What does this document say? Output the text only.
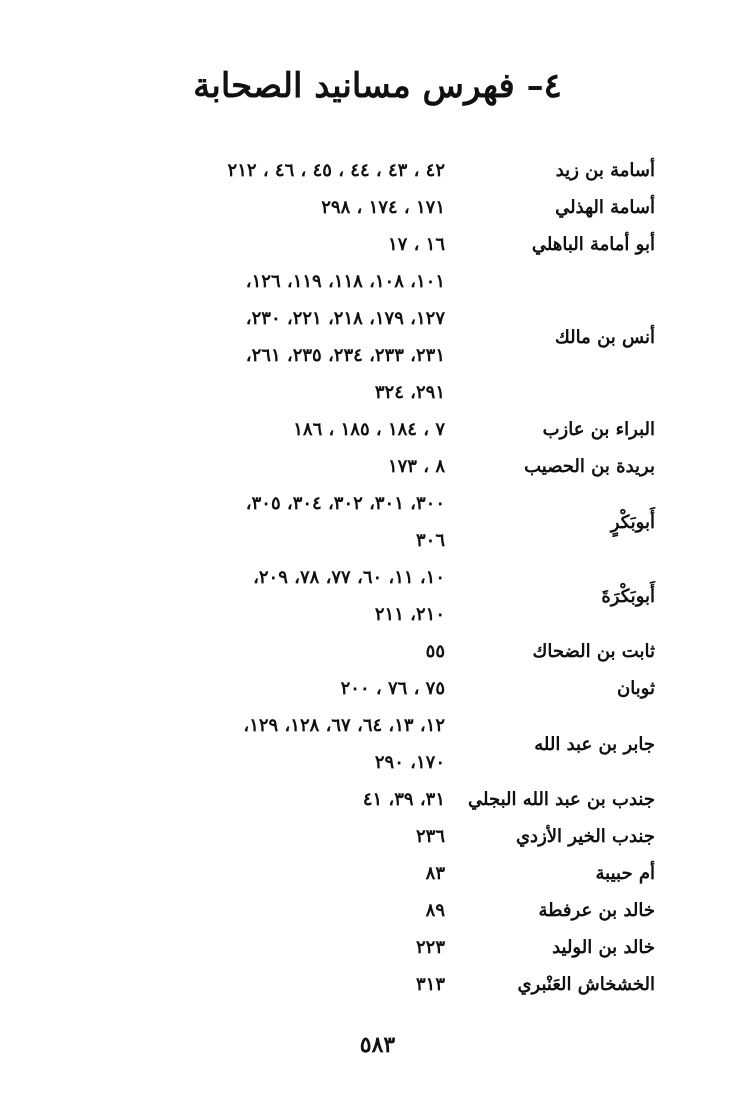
٤– فهرس مسانيد الصحابة
أسامة بن زيد
٤٢ ، ٤٣ ، ٤٤ ، ٤٥ ، ٤٦ ، ٢١٢
أسامة الهذلي
١٧١ ، ١٧٤ ، ٢٩٨
أبو أمامة الباهلي
١٦ ، ١٧
أنس بن مالك
١٠١، ١٠٨، ١١٨، ١١٩، ١٢٦،
١٢٧، ١٧٩، ٢١٨، ٢٢١، ٢٣٠،
٢٣١، ٢٣٣، ٢٣٤، ٢٣٥، ٢٦١،
٢٩١، ٣٢٤
البراء بن عازب
٧ ، ١٨٤ ، ١٨٥ ، ١٨٦
بريدة بن الحصيب
٨ ، ١٧٣
أَبوبَكْرٍ
٣٠٠، ٣٠١، ٣٠٢، ٣٠٤، ٣٠٥،
٣٠٦
أَبوبَكْرَةَ
١٠، ١١، ٦٠، ٧٧، ٧٨، ٢٠٩،
٢١٠، ٢١١
ثابت بن الضحاك
٥٥
ثوبان
٧٥ ، ٧٦ ، ٢٠٠
جابر بن عبد الله
١٢، ١٣، ٦٤، ٦٧، ١٢٨، ١٢٩،
١٧٠، ٢٩٠
جندب بن عبد الله البجلي
٣١، ٣٩، ٤١
جندب الخير الأزدي
٢٣٦
أم حبيبة
٨٣
خالد بن عرفطة
٨٩
خالد بن الوليد
٢٢٣
الخشخاش العَنْبري
٣١٣
٥٨٣
